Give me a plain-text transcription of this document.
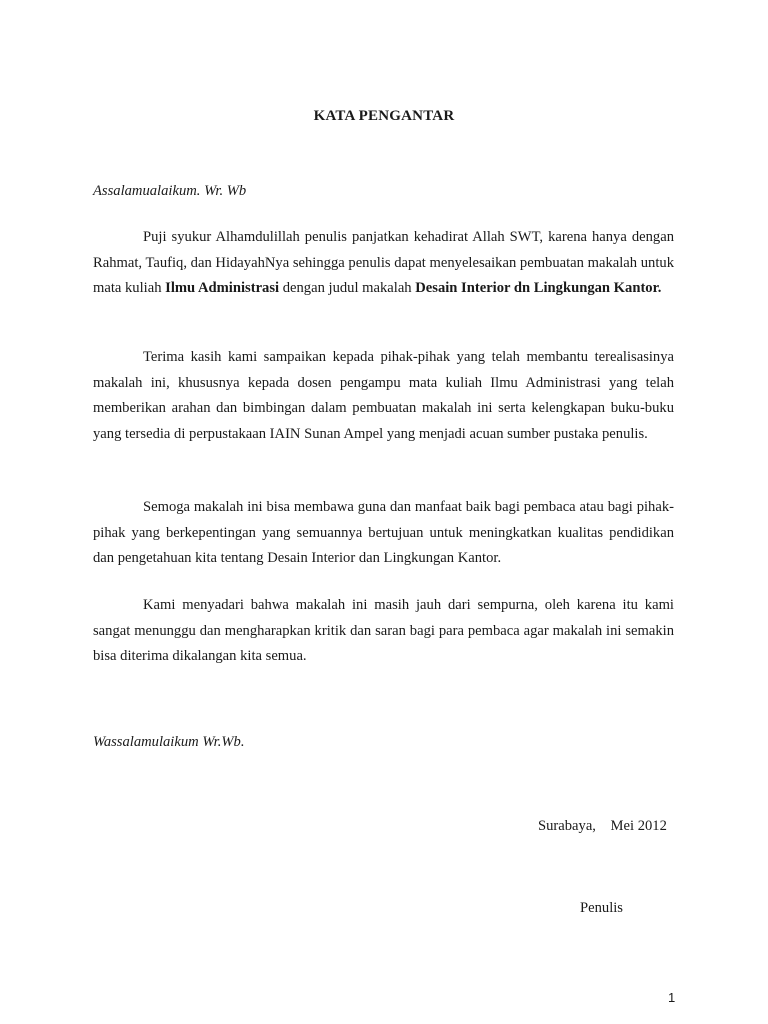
KATA PENGANTAR
Assalamualaikum. Wr. Wb
Puji syukur Alhamdulillah penulis panjatkan kehadirat Allah SWT, karena hanya dengan Rahmat, Taufiq, dan HidayahNya sehingga penulis dapat menyelesaikan pembuatan makalah untuk mata kuliah Ilmu Administrasi dengan judul makalah Desain Interior dn Lingkungan Kantor.
Terima kasih kami sampaikan kepada pihak-pihak yang telah membantu terealisasinya makalah ini, khususnya kepada dosen pengampu mata kuliah Ilmu Administrasi yang telah memberikan arahan dan bimbingan dalam pembuatan makalah ini serta kelengkapan buku-buku yang tersedia di perpustakaan IAIN Sunan Ampel yang menjadi acuan sumber pustaka penulis.
Semoga makalah ini bisa membawa guna dan manfaat baik bagi pembaca atau bagi pihak-pihak yang berkepentingan yang semuannya bertujuan untuk meningkatkan kualitas pendidikan dan pengetahuan kita tentang Desain Interior dan Lingkungan Kantor.
Kami menyadari bahwa makalah ini masih jauh dari sempurna, oleh karena itu kami sangat menunggu dan mengharapkan kritik dan saran bagi para pembaca agar makalah ini semakin bisa diterima dikalangan kita semua.
Wassalamulaikum Wr.Wb.
Surabaya,    Mei 2012
Penulis
1
